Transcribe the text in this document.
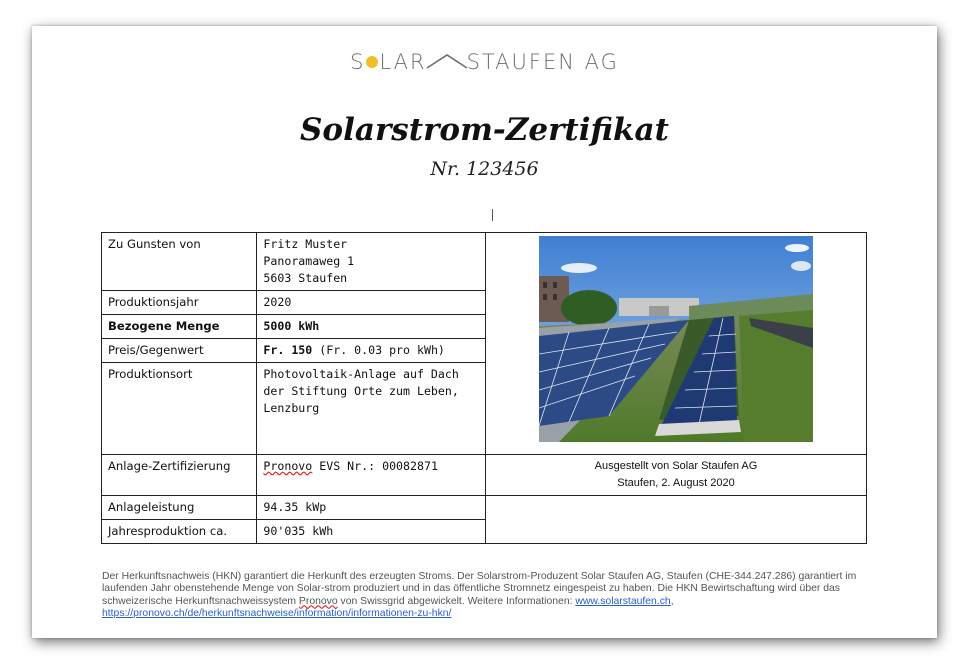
S LAR STAUFEN AG
Solarstrom-Zertifikat
Nr. 123456
Zu Gunsten von	Fritz Muster
Panoramaweg 1
5603 Staufen

Produktionsjahr	2020	
Bezogene Menge	5000 kWh	
Preis/Gegenwert	Fr. 150 (Fr. 0.03 pro kWh)	
Produktionsort	Photovoltaik-Anlage auf Dach der Stiftung Orte zum Leben, Lenzburg	
Anlage-Zertifizierung	Pronovo EVS Nr.: 00082871	Ausgestellt von Solar Staufen AG
Staufen, 2. August 2020

Anlageleistung	94.35 kWp	
Jahresproduktion ca.	90'035 kWh	
Der Herkunftsnachweis (HKN) garantiert die Herkunft des erzeugten Stroms. Der Solarstrom-Produzent Solar Staufen AG, Staufen (CHE-344.247.286) garantiert im laufenden Jahr obenstehende Menge von Solar-strom produziert und in das öffentliche Stromnetz eingespeist zu haben. Die HKN Bewirtschaftung wird über das schweizerische Herkunftsnachweissystem Pronovo von Swissgrid abgewickelt. Weitere Informationen: www.solarstaufen.ch, https://pronovo.ch/de/herkunftsnachweise/information/informationen-zu-hkn/
